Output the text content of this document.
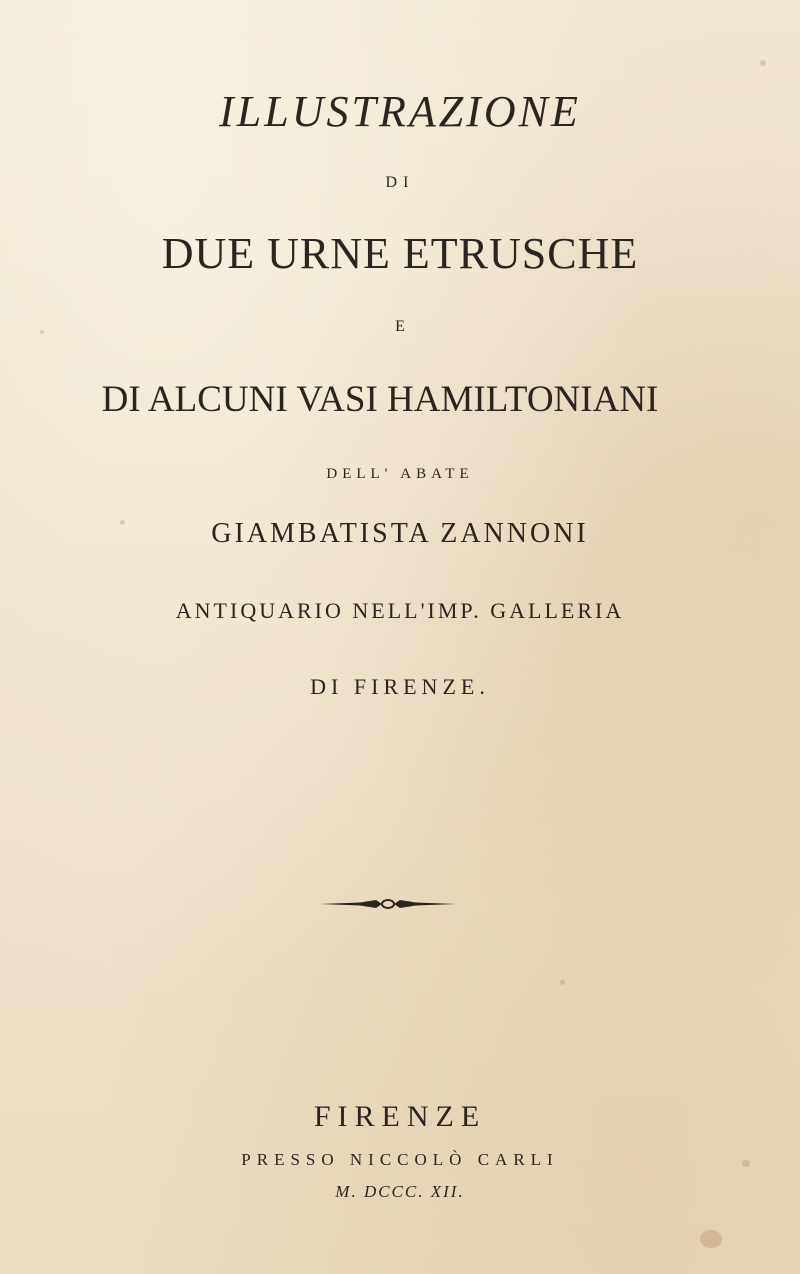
ILLUSTRAZIONE
DI
DUE URNE ETRUSCHE
E
DI ALCUNI VASI HAMILTONIANI
DELL' ABATE
GIAMBATISTA ZANNONI
ANTIQUARIO NELL'IMP. GALLERIA
DI FIRENZE.
FIRENZE
PRESSO NICCOLÒ CARLI
M. DCCC. XII.
